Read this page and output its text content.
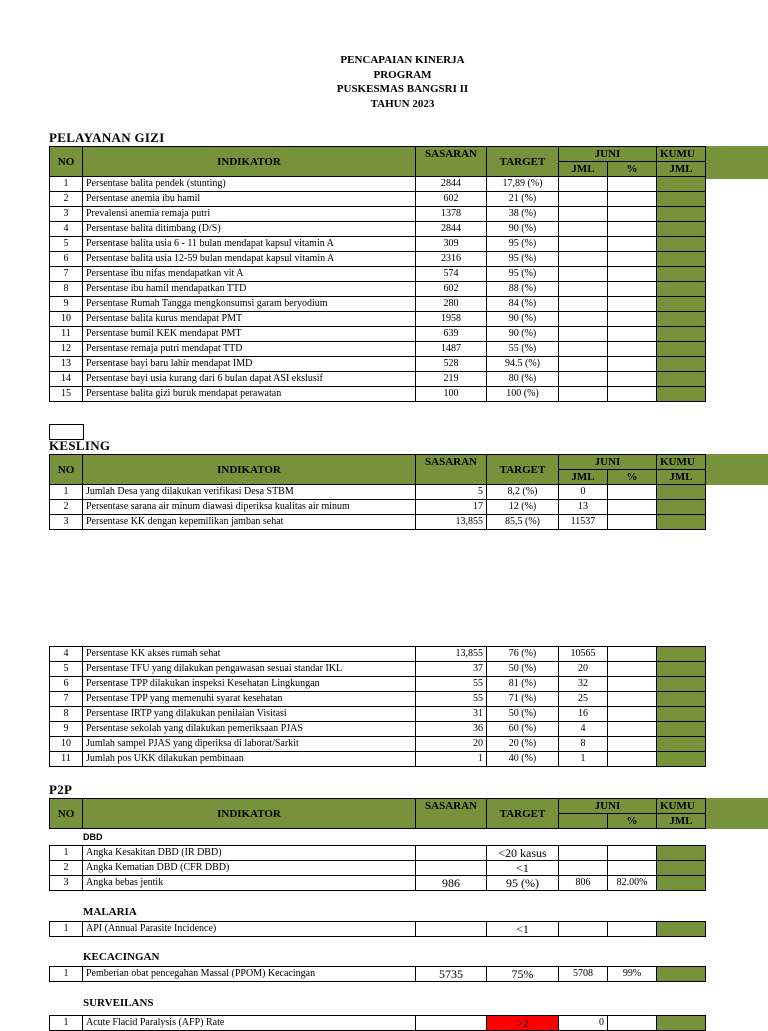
PENCAPAIAN KINERJA
PROGRAM
PUSKESMAS BANGSRI II
TAHUN 2023
PELAYANAN GIZI
NO	INDIKATOR	SASARAN	TARGET	JUNI		KUMU
				JML	%	JML
1	Persentase balita pendek (stunting)	2844	17,89 (%)			
2	Persentase anemia ibu hamil	602	21 (%)			
3	Prevalensi anemia remaja putri	1378	38 (%)			
4	Persentase balita ditimbang (D/S)	2844	90 (%)			
5	Persentase balita usia 6 - 11 bulan mendapat kapsul vitamin A	309	95 (%)			
6	Persentase balita usia 12-59 bulan mendapat kapsul vitamin A	2316	95 (%)			
7	Persentase ibu nifas mendapatkan vit A	574	95 (%)			
8	Persentase ibu hamil mendapatkan TTD	602	88 (%)			
9	Persentase Rumah Tangga mengkonsumsi garam beryodium	280	84 (%)			
10	Persentase balita kurus mendapat PMT	1958	90 (%)			
11	Persentase bumil KEK mendapat PMT	639	90 (%)			
12	Persentase remaja putri mendapat TTD	1487	55 (%)			
13	Persentase bayi baru lahir mendapat IMD	528	94.5 (%)			
14	Persentase bayi usia kurang dari 6 bulan dapat ASI ekslusif	219	80 (%)			
15	Persentase balita gizi buruk mendapat perawatan	100	100 (%)			
KESLING
NO	INDIKATOR	SASARAN	TARGET	JUNI		KUMU
				JML	%	JML
1	Jumlah Desa yang dilakukan verifikasi Desa STBM	5	8,2 (%)	0		
2	Persentase sarana air minum diawasi diperiksa kualitas air minum	17	12 (%)	13		
3	Persentase KK dengan kepemilikan jamban sehat	13,855	85,5 (%)	11537		
4	Persentase KK akses rumah sehat	13,855	76 (%)	10565		
5	Persentase TFU yang dilakukan pengawasan sesuai standar IKL	37	50 (%)	20		
6	Persentase TPP dilakukan inspeksi Kesehatan Lingkungan	55	81 (%)	32		
7	Persentase TPP yang memenuhi syarat kesehatan	55	71 (%)	25		
8	Persentase IRTP yang dilakukan penilaian Visitasi	31	50 (%)	16		
9	Persentase sekolah yang dilakukan pemeriksaan PJAS	36	60 (%)	4		
10	Jumlah sampel PJAS yang diperiksa di laborat/Sarkit	20	20 (%)	8		
11	Jumlah pos UKK dilakukan pembinaan	1	40 (%)	1		
P2P
NO	INDIKATOR	SASARAN	TARGET	JUNI		KUMU
					%	JML
DBD
1	Angka Kesakitan DBD (IR DBD)		<20 kasus			
2	Angka Kematian DBD (CFR DBD)		<1			
3	Angka bebas jentik	986	95 (%)	806	82.00%	
MALARIA
1	API (Annual Parasite Incidence)		<1			
KECACINGAN
1	Pemberian obat pencegahan Massal (PPOM) Kecacingan	5735	75%	5708	99%	
SURVEILANS
1	Acute Flacid Paralysis (AFP) Rate		>2	0		
